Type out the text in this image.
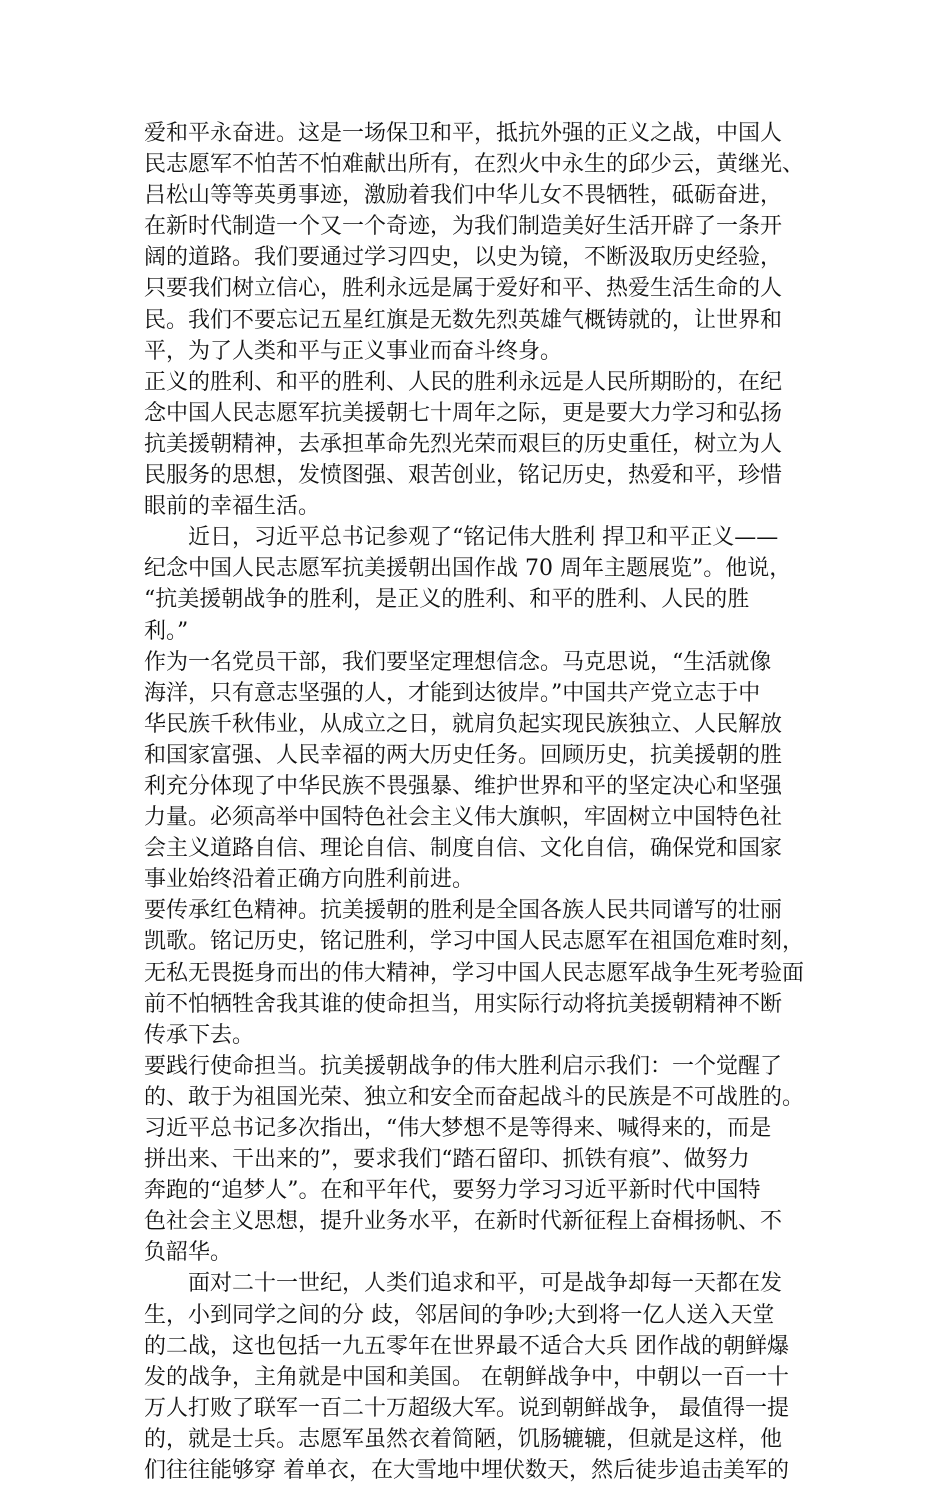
爱和平永奋进。这是一场保卫和平，抵抗外强的正义之战，中国人
民志愿军不怕苦不怕难献出所有，在烈火中永生的邱少云，黄继光、
吕松山等等英勇事迹，激励着我们中华儿女不畏牺牲，砥砺奋进，
在新时代制造一个又一个奇迹，为我们制造美好生活开辟了一条开
阔的道路。我们要通过学习四史，以史为镜，不断汲取历史经验，
只要我们树立信心，胜利永远是属于爱好和平、热爱生活生命的人
民。我们不要忘记五星红旗是无数先烈英雄气概铸就的，让世界和
平，为了人类和平与正义事业而奋斗终身。
正义的胜利、和平的胜利、人民的胜利永远是人民所期盼的，在纪
念中国人民志愿军抗美援朝七十周年之际，更是要大力学习和弘扬
抗美援朝精神，去承担革命先烈光荣而艰巨的历史重任，树立为人
民服务的思想，发愤图强、艰苦创业，铭记历史，热爱和平，珍惜
眼前的幸福生活。
　　近日，习近平总书记参观了“铭记伟大胜利 捍卫和平正义——
纪念中国人民志愿军抗美援朝出国作战 70 周年主题展览”。他说，
“抗美援朝战争的胜利，是正义的胜利、和平的胜利、人民的胜
利。”
作为一名党员干部，我们要坚定理想信念。马克思说，“生活就像
海洋，只有意志坚强的人，才能到达彼岸。”中国共产党立志于中
华民族千秋伟业，从成立之日，就肩负起实现民族独立、人民解放
和国家富强、人民幸福的两大历史任务。回顾历史，抗美援朝的胜
利充分体现了中华民族不畏强暴、维护世界和平的坚定决心和坚强
力量。必须高举中国特色社会主义伟大旗帜，牢固树立中国特色社
会主义道路自信、理论自信、制度自信、文化自信，确保党和国家
事业始终沿着正确方向胜利前进。
要传承红色精神。抗美援朝的胜利是全国各族人民共同谱写的壮丽
凯歌。铭记历史，铭记胜利，学习中国人民志愿军在祖国危难时刻，
无私无畏挺身而出的伟大精神，学习中国人民志愿军战争生死考验面
前不怕牺牲舍我其谁的使命担当，用实际行动将抗美援朝精神不断
传承下去。
要践行使命担当。抗美援朝战争的伟大胜利启示我们：一个觉醒了
的、敢于为祖国光荣、独立和安全而奋起战斗的民族是不可战胜的。
习近平总书记多次指出，“伟大梦想不是等得来、喊得来的，而是
拼出来、干出来的”，要求我们“踏石留印、抓铁有痕”、做努力
奔跑的“追梦人”。在和平年代，要努力学习习近平新时代中国特
色社会主义思想，提升业务水平，在新时代新征程上奋楫扬帆、不
负韶华。
　　面对二十一世纪，人类们追求和平，可是战争却每一天都在发
生，小到同学之间的分 歧，邻居间的争吵;大到将一亿人送入天堂
的二战，这也包括一九五零年在世界最不适合大兵 团作战的朝鲜爆
发的战争，主角就是中国和美国。 在朝鲜战争中，中朝以一百一十
万人打败了联军一百二十万超级大军。说到朝鲜战争， 最值得一提
的，就是士兵。志愿军虽然衣着简陋，饥肠辘辘，但就是这样，他
们往往能够穿 着单衣，在大雪地中埋伏数天，然后徒步追击美军的
